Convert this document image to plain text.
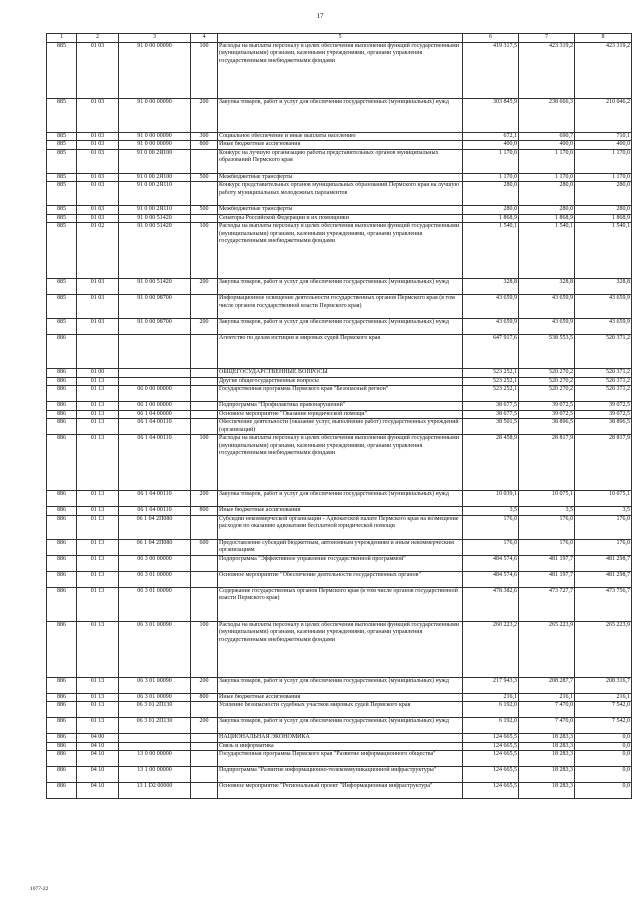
17
1	2	3	4	5	6	7	8
885	01 03	91 0 00 00090	100	Расходы на выплаты персоналу в целях обеспечения выполнения функций государственными (муниципальными) органами, казенными учреждениями, органами управления государственными внебюджетными фондами	419 317,5	423 319,2	423 319,2
885	01 03	91 0 00 00090	200	Закупка товаров, работ и услуг для обеспечения государственных (муниципальных) нужд	303 845,9	238 666,3	210 046,2
885	01 03	91 0 00 00090	300	Социальное обеспечение и иные выплаты населению	672,1	690,7	710,1
885	01 03	91 0 00 00090	800	Иные бюджетные ассигнования	400,0	400,0	400,0
885	01 03	91 0 00 2Я100		Конкурс на лучшую организацию работы представительных органов муниципальных образований Пермского края	1 170,0	1 170,0	1 170,0
885	01 03	91 0 00 2Я100	500	Межбюджетные трансферты	1 170,0	1 170,0	1 170,0
885	01 03	91 0 00 2Я110		Конкурс представительных органов муниципальных образований Пермского края на лучшую работу муниципальных молодежных парламентов	280,0	280,0	280,0
885	01 03	91 0 00 2Я110	500	Межбюджетные трансферты	280,0	280,0	280,0
885	01 03	91 0 00 51420		Сенаторы Российской Федерации и их помощники	1 868,9	1 868,9	1 868,9
885	01 02	91 0 00 51420	100	Расходы на выплаты персоналу в целях обеспечения выполнения функций государственными (муниципальными) органами, казенными учреждениями, органами управления государственными внебюджетными фондами	1 540,1	1 540,1	1 540,1
885	01 03	91 0 00 51420	200	Закупка товаров, работ и услуг для обеспечения государственных (муниципальных) нужд	328,8	328,8	328,8
885	01 03	91 0 00 98700		Информационное освещение деятельности государственных органов Пермского края (в том числе органов государственной власти Пермского края)	43 659,9	43 659,9	43 659,9
885	01 03	91 0 00 98700	200	Закупка товаров, работ и услуг для обеспечения государственных (муниципальных) нужд	43 659,9	43 659,9	43 659,9
886				Агентство по делам юстиции и мировых судей Пермского края	647 917,6	538 553,5	520 371,2
886	01 00			ОБЩЕГОСУДАРСТВЕННЫЕ ВОПРОСЫ	523 252,1	520 270,2	520 371,2
886	01 13			Другие общегосударственные вопросы	523 252,1	520 270,2	520 371,2
886	01 13	06 0 00 00000		Государственная программа Пермского края "Безопасный регион"	523 252,1	520 270,2	520 371,2
886	01 13	06 1 00 00000		Подпрограмма "Профилактика правонарушений"	38 677,5	39 072,5	39 072,5
886	01 13	06 1 04 00000		Основное мероприятие "Оказание юридической помощи"	38 677,5	39 072,5	39 072,5
886	01 13	06 1 04 00110		Обеспечение деятельности (оказание услуг, выполнение работ) государственных учреждений (организаций)	38 501,5	38 896,5	38 896,5
886	01 13	06 1 04 00110	100	Расходы на выплаты персоналу в целях обеспечения выполнения функций государственными (муниципальными) органами, казенными учреждениями, органами управления государственными внебюджетными фондами	28 458,9	28 817,9	28 817,9
886	01 13	06 1 04 00110	200	Закупка товаров, работ и услуг для обеспечения государственных (муниципальных) нужд	10 039,1	10 075,1	10 075,1
886	01 13	06 1 04 00110	800	Иные бюджетные ассигнования	3,5	3,5	3,5
886	01 13	06 1 04 2П080		Субсидии некоммерческой организации - Адвокатской палате Пермского края на возмещение расходов по оказанию адвокатами бесплатной юридической помощи	176,0	176,0	176,0
886	01 13	06 1 04 2П080	600	Предоставление субсидий бюджетным, автономным учреждениям и иным некоммерческим организациям	176,0	176,0	176,0
886	01 13	06 3 00 00000		Подпрограмма "Эффективное управление государственной программой"	484 574,6	481 197,7	481 298,7
886	01 13	06 3 01 00000		Основное мероприятие "Обеспечение деятельности государственных органов"	484 574,6	481 197,7	481 298,7
886	01 13	06 3 01 00090		Содержание государственных органов Пермского края (в том числе органов государственной власти Пермского края)	478 382,6	473 727,7	473 756,7
886	01 13	06 3 01 00090	100	Расходы на выплаты персоналу в целях обеспечения выполнения функций государственными (муниципальными) органами, казенными учреждениями, органами управления государственными внебюджетными фондами	260 223,2	265 223,9	265 223,9
886	01 13	06 3 01 00090	200	Закупка товаров, работ и услуг для обеспечения государственных (муниципальных) нужд	217 943,3	208 287,7	208 316,7
886	01 13	06 3 01 00090	800	Иные бюджетные ассигнования	216,1	216,1	216,1
886	01 13	06 3 01 2П130		Усиление безопасности судебных участков мировых судей Пермского края	6 192,0	7 470,0	7 542,0
886	01 13	06 3 01 2П130	200	Закупка товаров, работ и услуг для обеспечения государственных (муниципальных) нужд	6 192,0	7 470,0	7 542,0
886	04 00			НАЦИОНАЛЬНАЯ ЭКОНОМИКА	124 665,5	18 283,3	0,0
886	04 10			Связь и информатика	124 665,5	18 283,3	0,0
886	04 10	13 0 00 00000		Государственная программа Пермского края "Развитие информационного общества"	124 665,5	18 283,3	0,0
886	04 10	13 1 00 00000		Подпрограмма "Развитие информационно-телекоммуникационной инфраструктуры"	124 665,5	18 283,3	0,0
886	04 10	13 1 D2 00000		Основное мероприятие "Региональный проект "Информационная инфраструктура"	124 665,5	18 283,3	0,0
1077-22
